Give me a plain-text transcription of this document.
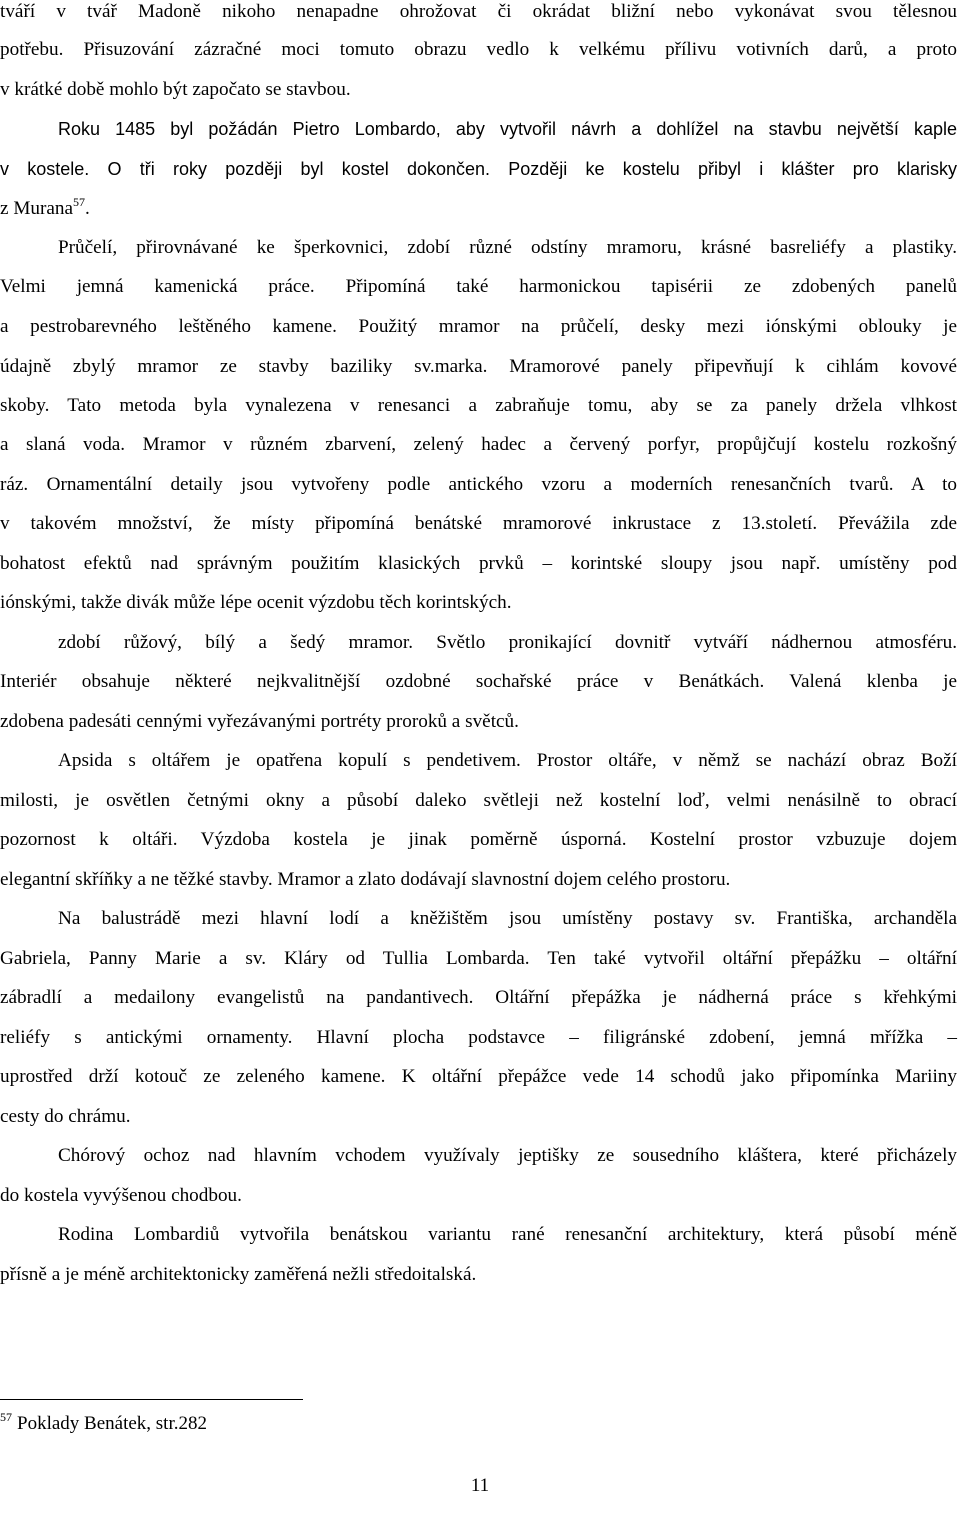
tváří v tvář Madoně nikoho nenapadne ohrožovat či okrádat bližní nebo vykonávat svou tělesnou
potřebu. Přisuzování zázračné moci tomuto obrazu vedlo k velkému přílivu votivních darů, a proto
v krátké době mohlo být započato se stavbou.
Roku 1485 byl požádán Pietro Lombardo, aby vytvořil návrh a dohlížel na stavbu největší kaple
v kostele. O tři roky později byl kostel dokončen. Později ke kostelu přibyl i klášter pro klarisky
z Murana$^{57}$.
Průčelí, přirovnávané ke šperkovnici, zdobí různé odstíny mramoru, krásné basreliéfy a plastiky.
Velmi jemná kamenická práce. Připomíná také harmonickou tapisérii ze zdobených panelů
a pestrobarevného leštěného kamene. Použitý mramor na průčelí, desky mezi iónskými oblouky je
údajně zbylý mramor ze stavby baziliky sv.marka. Mramorové panely připevňují k cihlám kovové
skoby. Tato metoda byla vynalezena v renesanci a zabraňuje tomu, aby se za panely držela vlhkost
a slaná voda. Mramor v různém zbarvení, zelený hadec a červený porfyr, propůjčují kostelu rozkošný
ráz. Ornamentální detaily jsou vytvořeny podle antického vzoru a moderních renesančních tvarů. A to
v takovém množství, že místy připomíná benátské mramorové inkrustace z 13.století. Převážila zde
bohatost efektů nad správným použitím klasických prvků – korintské sloupy jsou např. umístěny pod
iónskými, takže divák může lépe ocenit výzdobu těch korintských.
zdobí růžový, bílý a šedý mramor. Světlo pronikající dovnitř vytváří nádhernou atmosféru.
Interiér obsahuje některé nejkvalitnější ozdobné sochařské práce v Benátkách. Valená klenba je
zdobena padesáti cennými vyřezávanými portréty proroků a světců.
Apsida s oltářem je opatřena kopulí s pendetivem. Prostor oltáře, v němž se nachází obraz Boží
milosti, je osvětlen četnými okny a působí daleko světleji než kostelní loď, velmi nenásilně to obrací
pozornost k oltáři. Výzdoba kostela je jinak poměrně úsporná. Kostelní prostor vzbuzuje dojem
elegantní skříňky a ne těžké stavby. Mramor a zlato dodávají slavnostní dojem celého prostoru.
Na balustrádě mezi hlavní lodí a kněžištěm jsou umístěny postavy sv. Františka, archanděla
Gabriela, Panny Marie a sv. Kláry od Tullia Lombarda. Ten také vytvořil oltářní přepážku – oltářní
zábradlí a medailony evangelistů na pandantivech. Oltářní přepážka je nádherná práce s křehkými
reliéfy s antickými ornamenty. Hlavní plocha podstavce – filigránské zdobení, jemná mřížka –
uprostřed drží kotouč ze zeleného kamene. K oltářní přepážce vede 14 schodů jako připomínka Mariiny
cesty do chrámu.
Chórový ochoz nad hlavním vchodem využívaly jeptišky ze sousedního kláštera, které přicházely
do kostela vyvýšenou chodbou.
Rodina Lombardiů vytvořila benátskou variantu rané renesanční architektury, která působí méně
přísně a je méně architektonicky zaměřená nežli středoitalská.
$^{57}$ Poklady Benátek, str.282
11
